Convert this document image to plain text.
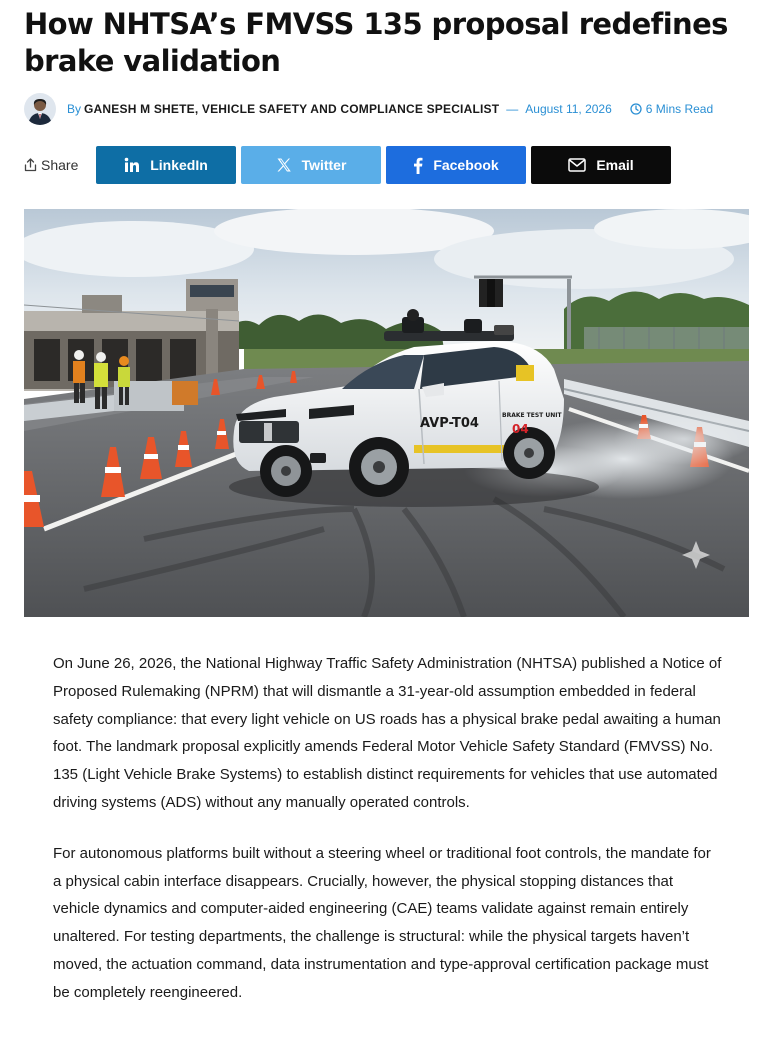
How NHTSA’s FMVSS 135 proposal redefines brake validation
By GANESH M SHETE, VEHICLE SAFETY AND COMPLIANCE SPECIALIST — August 11, 2026	6 Mins Read
Share	LinkedIn	Twitter	Facebook	Email
AVP-T04
BRAKE TEST UNIT
04

On June 26, 2026, the National Highway Traffic Safety Administration (NHTSA) published a Notice of Proposed Rulemaking (NPRM) that will dismantle a 31-year-old assumption embedded in federal safety compliance: that every light vehicle on US roads has a physical brake pedal awaiting a human foot. The landmark proposal explicitly amends Federal Motor Vehicle Safety Standard (FMVSS) No. 135 (Light Vehicle Brake Systems) to establish distinct requirements for vehicles that use automated driving systems (ADS) without any manually operated controls.

For autonomous platforms built without a steering wheel or traditional foot controls, the mandate for a physical cabin interface disappears. Crucially, however, the physical stopping distances that vehicle dynamics and computer-aided engineering (CAE) teams validate against remain entirely unaltered. For testing departments, the challenge is structural: while the physical targets haven’t moved, the actuation command, data instrumentation and type-approval certification package must be completely reengineered.
